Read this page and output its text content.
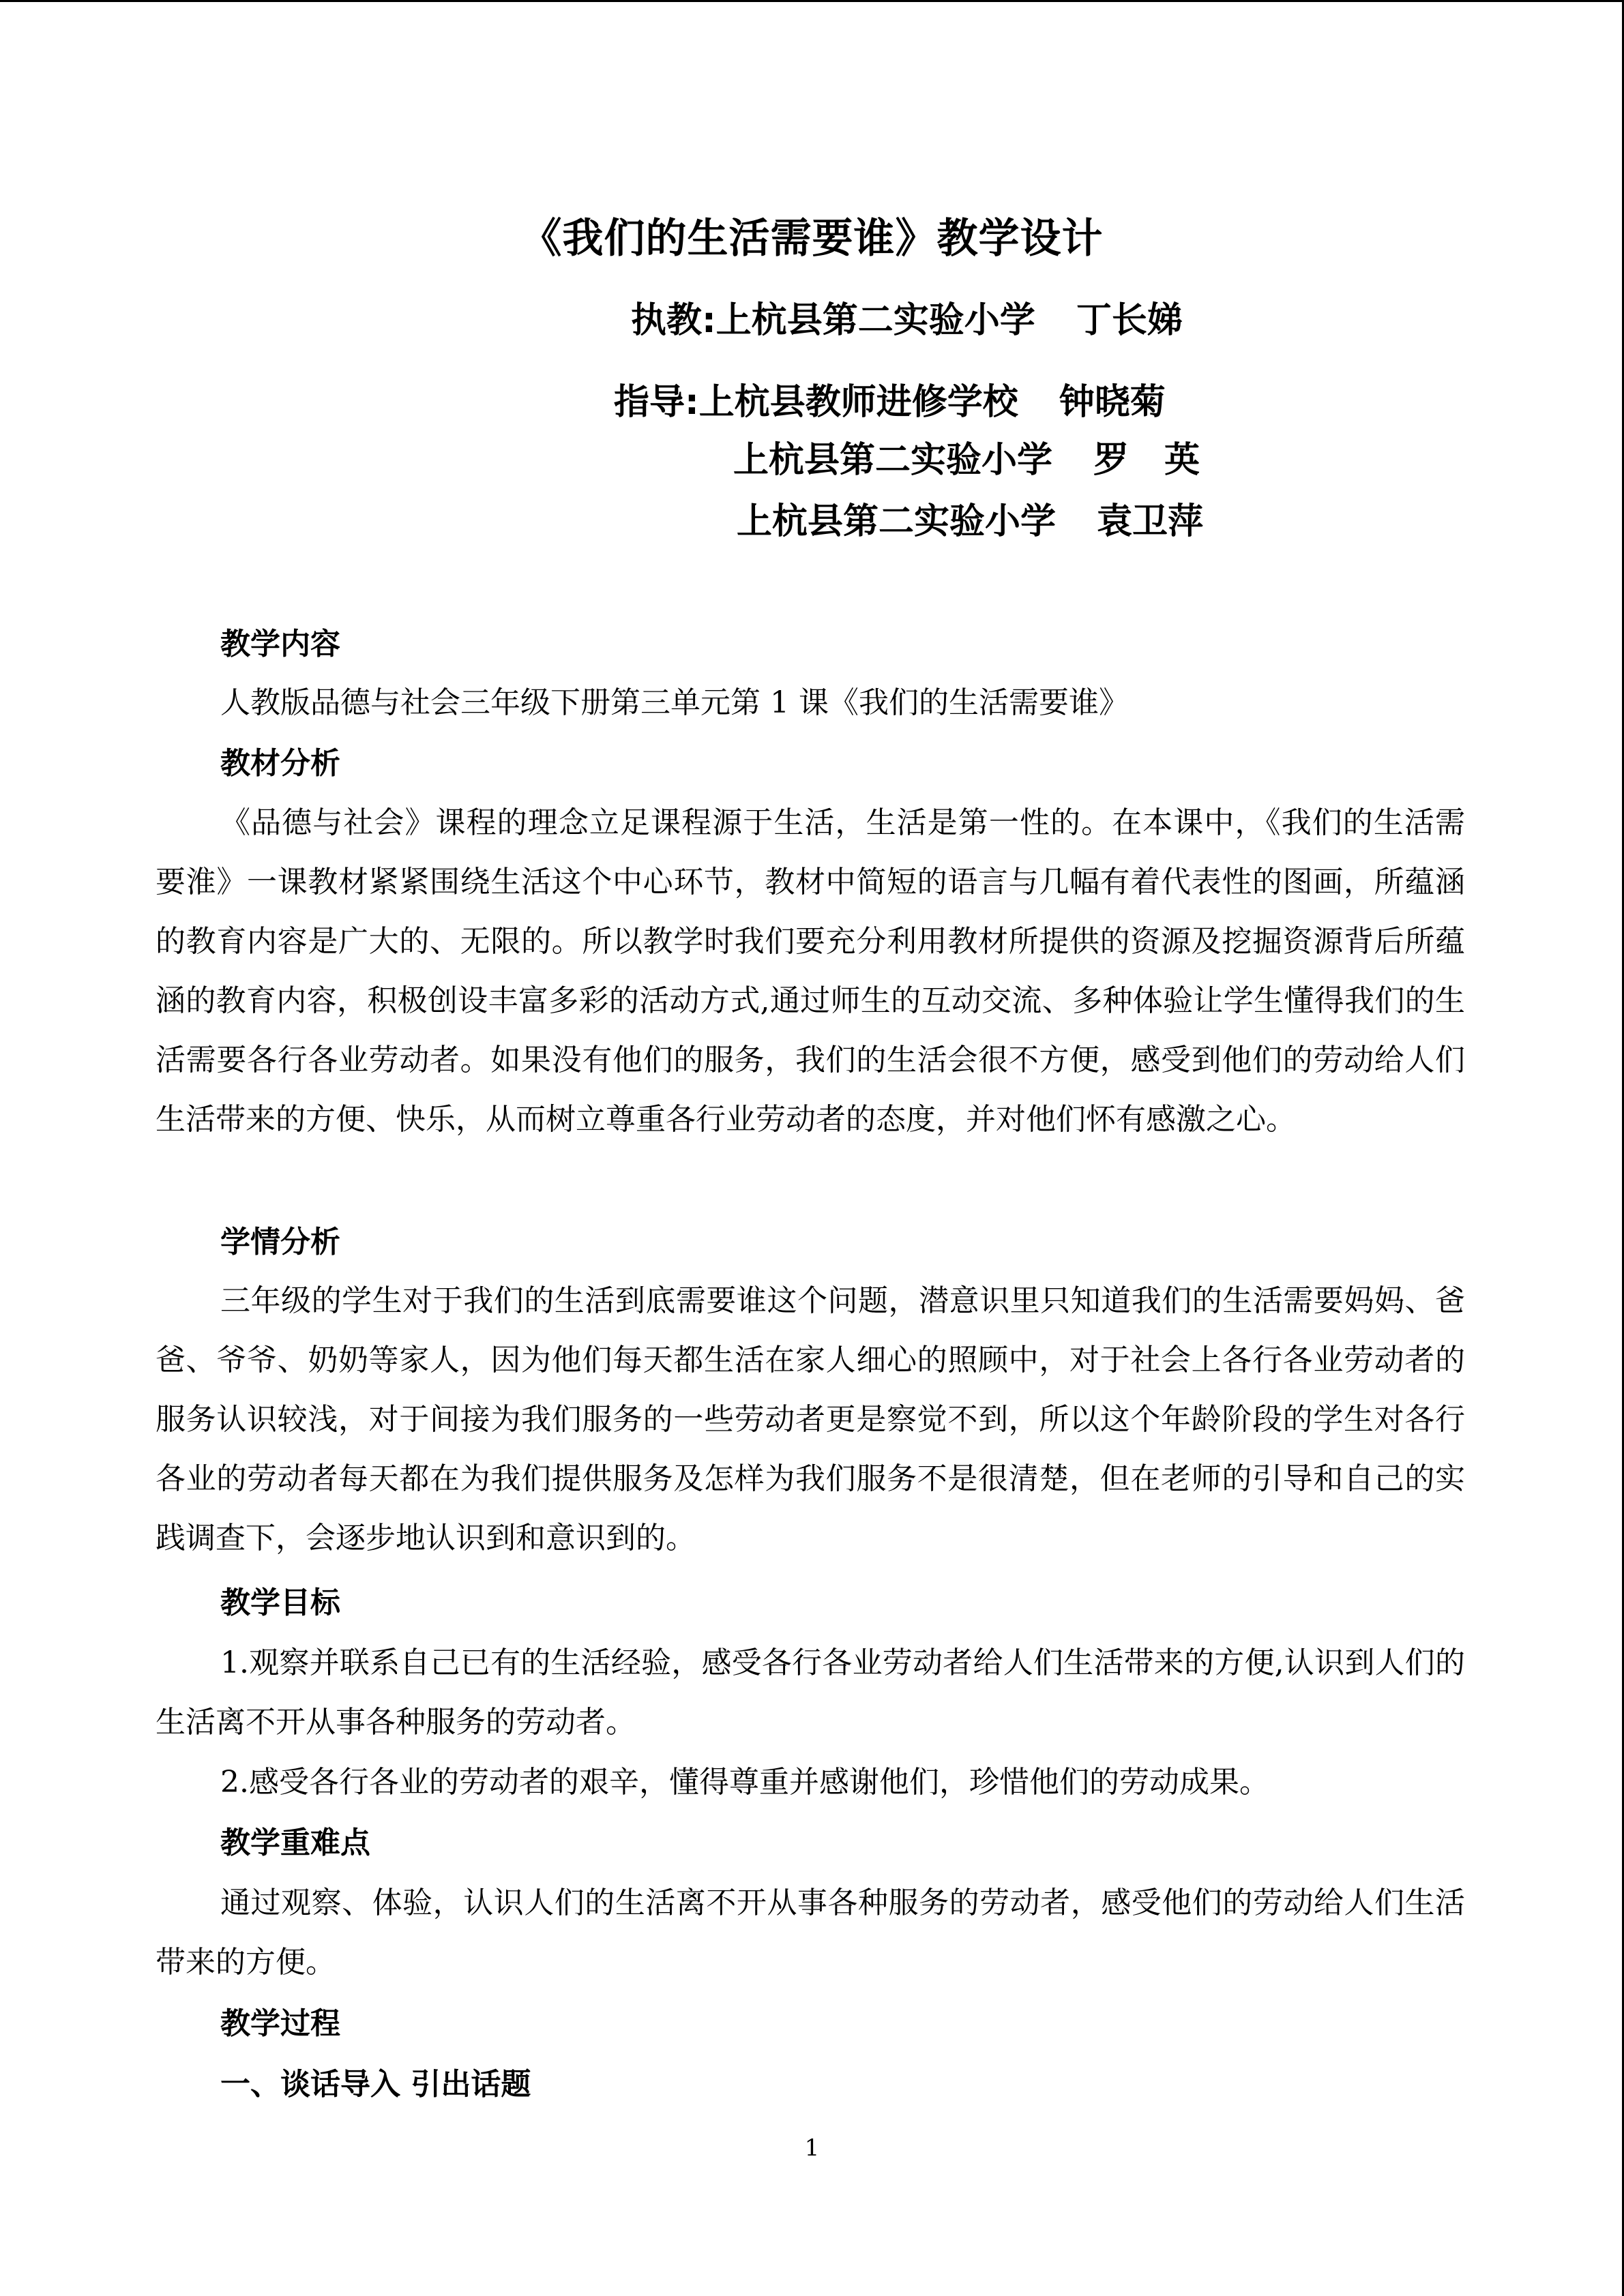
《我们的生活需要谁》教学设计
执教:上杭县第二实验小学 丁长娣
指导:上杭县教师进修学校 钟晓菊
上杭县第二实验小学 罗　英
上杭县第二实验小学 袁卫萍
教学内容
人教版品德与社会三年级下册第三单元第 1 课《我们的生活需要谁》
教材分析
《品德与社会》课程的理念立足课程源于生活，生活是第一性的。在本课中，《我们的生活需要淮》一课教材紧紧围绕生活这个中心环节，教材中简短的语言与几幅有着代表性的图画，所蕴涵的教育内容是广大的、无限的。所以教学时我们要充分利用教材所提供的资源及挖掘资源背后所蕴涵的教育内容，积极创设丰富多彩的活动方式,通过师生的互动交流、多种体验让学生懂得我们的生活需要各行各业劳动者。如果没有他们的服务，我们的生活会很不方便，感受到他们的劳动给人们生活带来的方便、快乐，从而树立尊重各行业劳动者的态度，并对他们怀有感激之心。
学情分析
三年级的学生对于我们的生活到底需要谁这个问题，潜意识里只知道我们的生活需要妈妈、爸爸、爷爷、奶奶等家人，因为他们每天都生活在家人细心的照顾中，对于社会上各行各业劳动者的服务认识较浅，对于间接为我们服务的一些劳动者更是察觉不到，所以这个年龄阶段的学生对各行各业的劳动者每天都在为我们提供服务及怎样为我们服务不是很清楚，但在老师的引导和自己的实践调查下，会逐步地认识到和意识到的。
教学目标
1.观察并联系自己已有的生活经验，感受各行各业劳动者给人们生活带来的方便,认识到人们的生活离不开从事各种服务的劳动者。
2.感受各行各业的劳动者的艰辛，懂得尊重并感谢他们，珍惜他们的劳动成果。
教学重难点
通过观察、体验，认识人们的生活离不开从事各种服务的劳动者，感受他们的劳动给人们生活带来的方便。
教学过程
一、谈话导入 引出话题
1
